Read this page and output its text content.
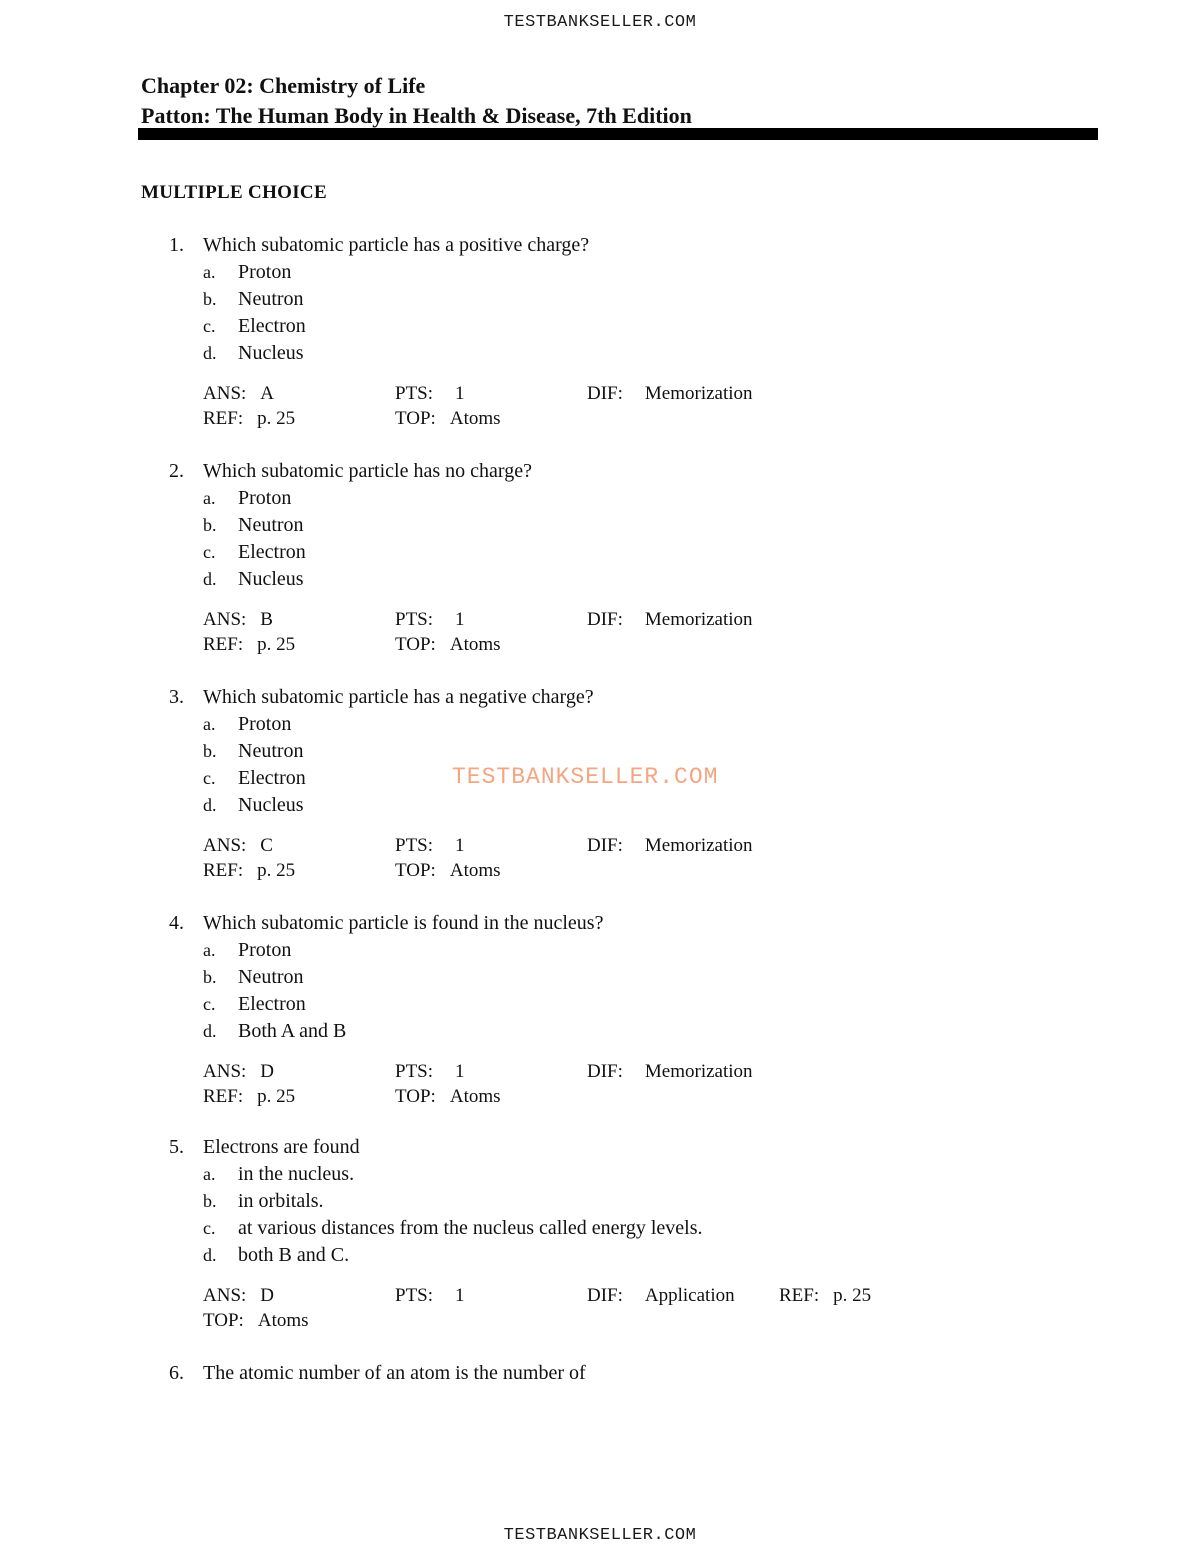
TESTBANKSELLER.COM
Chapter 02: Chemistry of Life
Patton: The Human Body in Health & Disease, 7th Edition
MULTIPLE CHOICE
1. Which subatomic particle has a positive charge?
a. Proton
b. Neutron
c. Electron
d. Nucleus
ANS: A	PTS: 1	DIF: Memorization
REF: p. 25	TOP: Atoms
2. Which subatomic particle has no charge?
a. Proton
b. Neutron
c. Electron
d. Nucleus
ANS: B	PTS: 1	DIF: Memorization
REF: p. 25	TOP: Atoms
3. Which subatomic particle has a negative charge?
a. Proton
b. Neutron
c. Electron
d. Nucleus
ANS: C	PTS: 1	DIF: Memorization
REF: p. 25	TOP: Atoms
4. Which subatomic particle is found in the nucleus?
a. Proton
b. Neutron
c. Electron
d. Both A and B
ANS: D	PTS: 1	DIF: Memorization
REF: p. 25	TOP: Atoms
5. Electrons are found
a. in the nucleus.
b. in orbitals.
c. at various distances from the nucleus called energy levels.
d. both B and C.
ANS: D	PTS: 1	DIF: Application REF: p. 25
TOP: Atoms
6. The atomic number of an atom is the number of
TESTBANKSELLER.COM
TESTBANKSELLER.COM
